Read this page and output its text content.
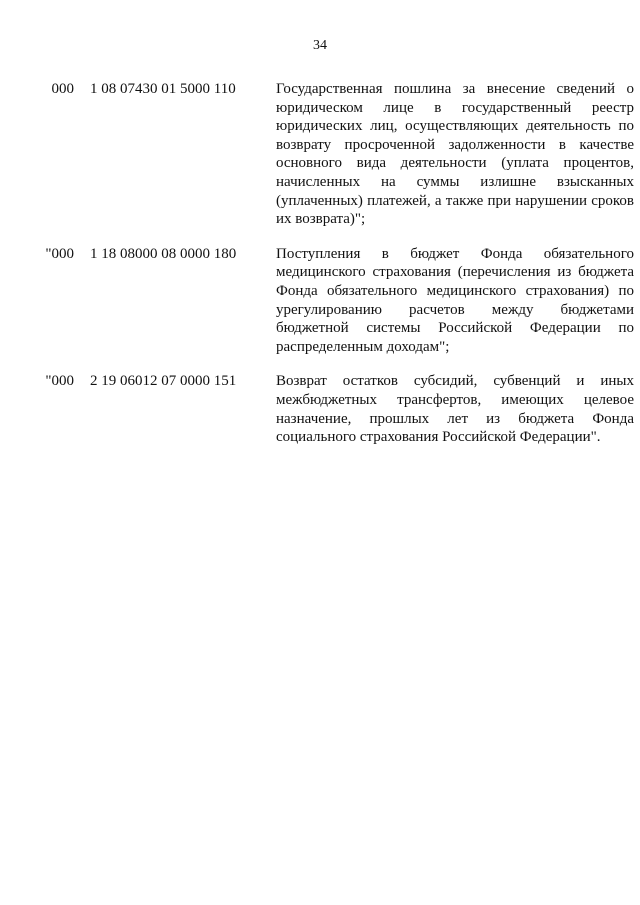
34
000 1 08 07430 01 5000 110	Государственная пошлина за внесение сведений о юридическом лице в государственный реестр юридических лиц, осуществляющих деятельность по возврату просроченной задолженности в качестве основного вида деятельности (уплата процентов, начисленных на суммы излишне взысканных (уплаченных) платежей, а также при нарушении сроков их возврата)";
"000 1 18 08000 08 0000 180	Поступления в бюджет Фонда обязательного медицинского страхования (перечисления из бюджета Фонда обязательного медицинского страхования) по урегулированию расчетов между бюджетами бюджетной системы Российской Федерации по распределенным доходам";
"000 2 19 06012 07 0000 151	Возврат остатков субсидий, субвенций и иных межбюджетных трансфертов, имеющих целевое назначение, прошлых лет из бюджета Фонда социального страхования Российской Федерации".
